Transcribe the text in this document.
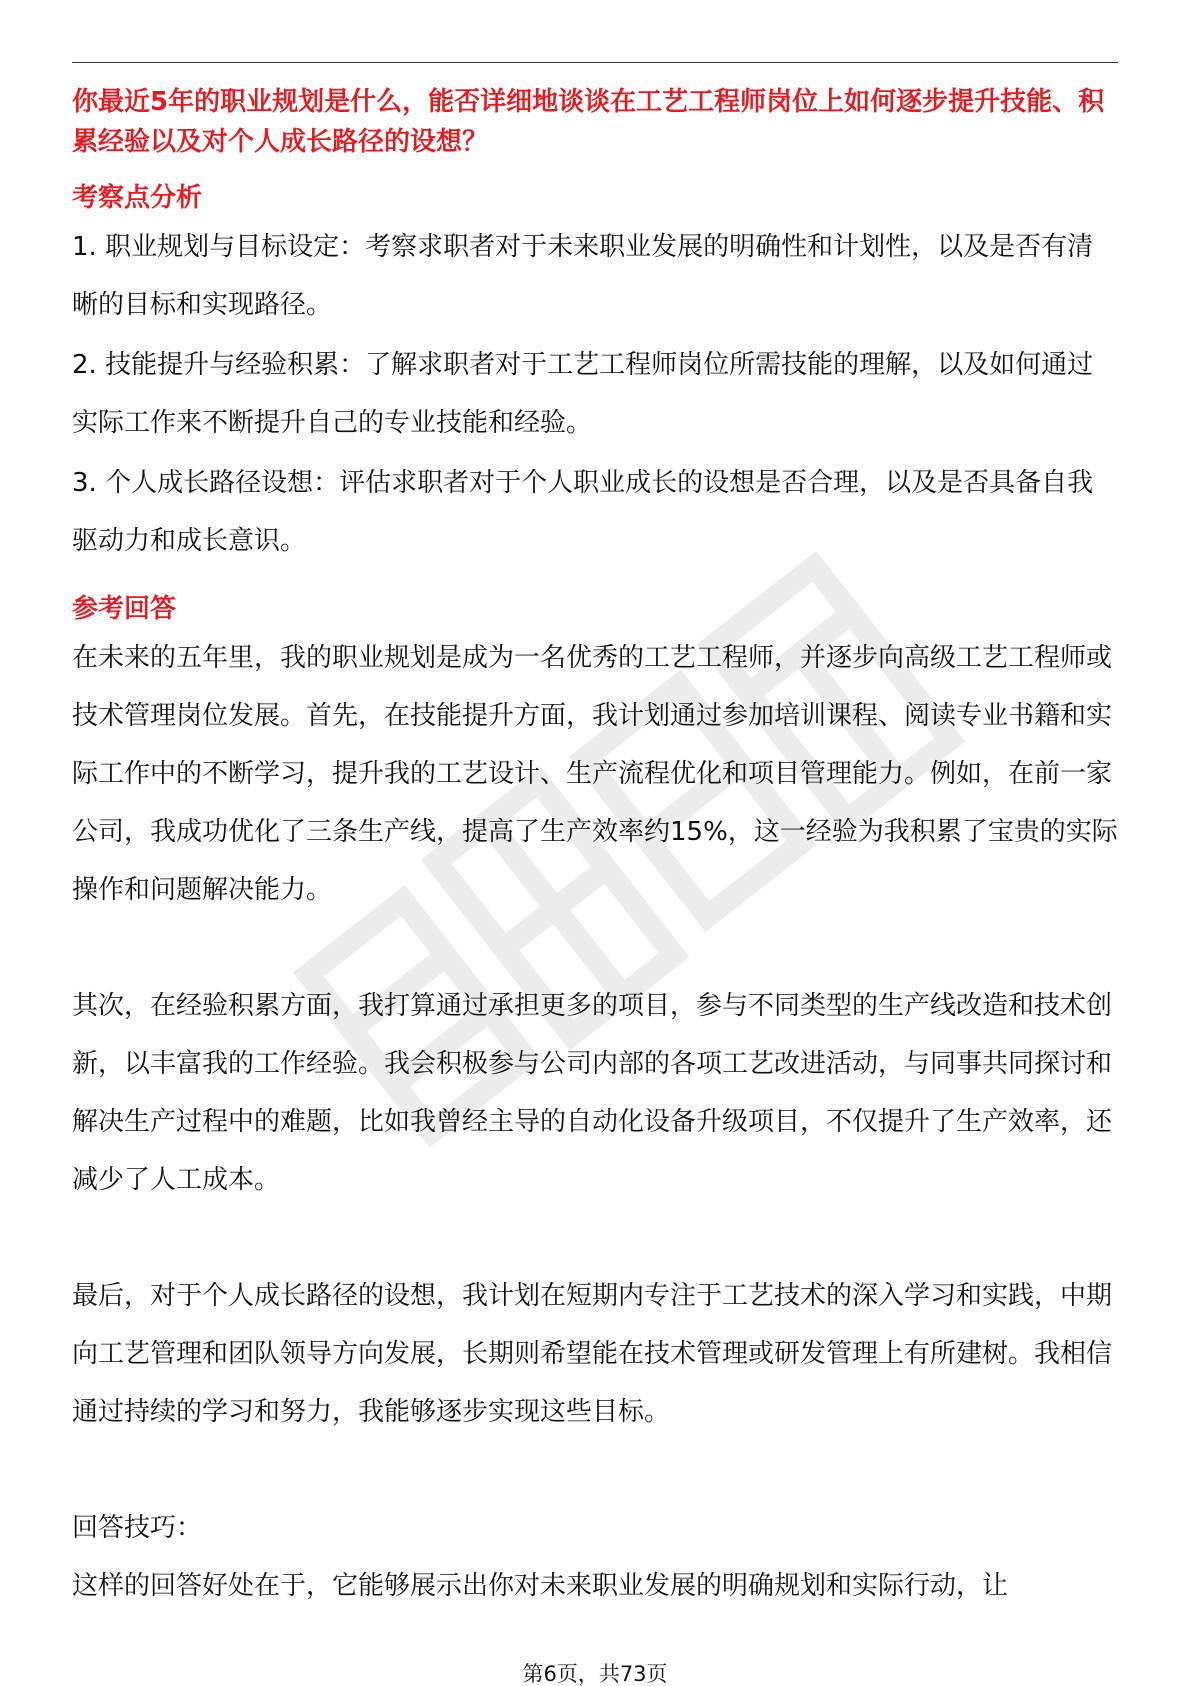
你最近5年的职业规划是什么，能否详细地谈谈在工艺工程师岗位上如何逐步提升技能、积累经验以及对个人成长路径的设想？

考察点分析

1. 职业规划与目标设定：考察求职者对于未来职业发展的明确性和计划性，以及是否有清晰的目标和实现路径。

2. 技能提升与经验积累：了解求职者对于工艺工程师岗位所需技能的理解，以及如何通过实际工作来不断提升自己的专业技能和经验。

3. 个人成长路径设想：评估求职者对于个人职业成长的设想是否合理，以及是否具备自我驱动力和成长意识。

参考回答

在未来的五年里，我的职业规划是成为一名优秀的工艺工程师，并逐步向高级工艺工程师或技术管理岗位发展。首先，在技能提升方面，我计划通过参加培训课程、阅读专业书籍和实际工作中的不断学习，提升我的工艺设计、生产流程优化和项目管理能力。例如，在前一家公司，我成功优化了三条生产线，提高了生产效率约15%，这一经验为我积累了宝贵的实际操作和问题解决能力。

其次，在经验积累方面，我打算通过承担更多的项目，参与不同类型的生产线改造和技术创新，以丰富我的工作经验。我会积极参与公司内部的各项工艺改进活动，与同事共同探讨和解决生产过程中的难题，比如我曾经主导的自动化设备升级项目，不仅提升了生产效率，还减少了人工成本。

最后，对于个人成长路径的设想，我计划在短期内专注于工艺技术的深入学习和实践，中期向工艺管理和团队领导方向发展，长期则希望能在技术管理或研发管理上有所建树。我相信通过持续的学习和努力，我能够逐步实现这些目标。

回答技巧：

这样的回答好处在于，它能够展示出你对未来职业发展的明确规划和实际行动，让

第6页，共73页
